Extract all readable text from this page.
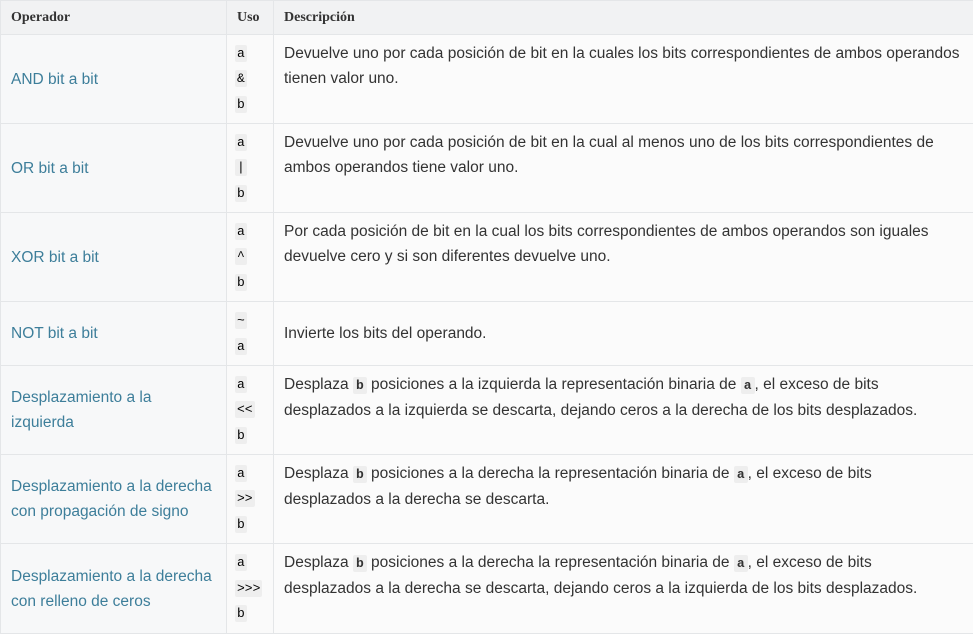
Operador	Uso	Descripción
AND bit a bit	a
&
b	Devuelve uno por cada posición de bit en la cuales los bits correspondientes de ambos operandos tienen valor uno.
OR bit a bit	a
|
b	Devuelve uno por cada posición de bit en la cual al menos uno de los bits correspondientes de ambos operandos tiene valor uno.
XOR bit a bit	a
^
b	Por cada posición de bit en la cual los bits correspondientes de ambos operandos son iguales devuelve cero y si son diferentes devuelve uno.
NOT bit a bit	~
a	Invierte los bits del operando.
Desplazamiento a la izquierda	a
<<
b	Desplaza b posiciones a la izquierda la representación binaria de a , el exceso de bits desplazados a la izquierda se descarta, dejando ceros a la derecha de los bits desplazados.
Desplazamiento a la derecha con propagación de signo	a
>>
b	Desplaza b posiciones a la derecha la representación binaria de a , el exceso de bits desplazados a la derecha se descarta.
Desplazamiento a la derecha con relleno de ceros	a
>>>
b	Desplaza b posiciones a la derecha la representación binaria de a , el exceso de bits desplazados a la derecha se descarta, dejando ceros a la izquierda de los bits desplazados.
